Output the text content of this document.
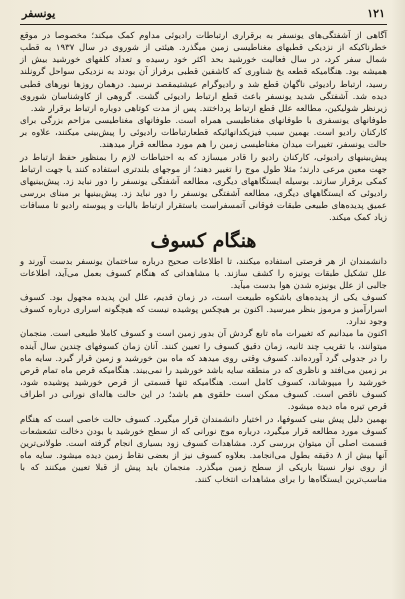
۱۲۱
یونسفر

آگاهی از آشفتگی‌های یونسفر به برقراری ارتباطات رادیوئی مداوم کمک میکند؛ مخصوصا در موقع خطرناکیکه از نزدیکی قطبهای مغناطیسی زمین میگذرد. هیئتی از شوروی در سال ۱۹۳۷ به قطب شمال سفر کرد، در سال فعالیت خورشید بحد اکثر خود رسیده و تعداد کلفهای خورشید بیش از همیشه بود. هنگامیکه قطعه یخ شناوری که کاشفین قطبی برفراز آن بودند به نزدیکی سواحل گرونلند رسید، ارتباط رادیوئی ناگهان قطع شد و رادیوگرام عیشتیمقصد نرسید. درهمان روزها نورهای قطبی دیده شد. آشفتگی شدید یونسفر باعث قطع ارتباط رادیوئی گشت. گروهی از کاوشناسان شوروی زیرنظر شولیکین، مطالعه علل قطع ارتباط پرداختند. پس از مدت کوتاهی دوباره ارتباط برقرار شد.

طوفانهای یونسفری با طوفانهای مغناطیسی همراه است. طوفانهای مغناطیسی مزاحم بزرگی برای کارکنان رادیو است. بهمین سبب فیزیکدانهائیکه قطعارتباطات رادیوئی را پیش‌بینی میکنند، علاوه بر حالت یونسفر، تغییرات میدان مغناطیسی زمین را هم مورد مطالعه قرار میدهند.

پیش‌بینیهای رادیوئی، کارکنان رادیو را قادر میسازد که به احتیاطات لازم را بمنظور حفظ ارتباط در جهت معین مرعی دارند؛ مثلا طول موج را تغییر دهند؛ از موجهای بلندتری استفاده کنند یا جهت ارتباط کمکی برقرار سازند. بوسیله ایستگاههای دیگری، مطالعه آشفتگی یونسفر را دور نباید زد. پیش‌بینیهای رادیوئی که ایستگاههای دیگری، مطالعه آشفتگی یونسفر را دور نباید زد. پیش‌بینیها بر مبنای بررسی عمیق پدیده‌های طبیعی طبقات فوقانی آتمسفراست باستقرار ارتباط بالیات و پیوسته رادیو تا مسافات زیاد کمک میکند.

هنگام کسوف

دانشمندان از هر فرصتی استفاده میکنند، تا اطلاعات صحیح درباره ساختمان یونسفر بدست آورند و علل تشکیل طبقات یونیزه را کشف سازند. با مشاهداتی که هنگام کسوف بعمل می‌آید، اطلاعات جالبی از علل یونیزه شدن هوا بدست میآید.

کسوف یکی از پدیده‌های باشکوه طبیعت است، در زمان قدیم، علل این پدیده مجهول بود. کسوف اسرارآمیز و مرموز بنظر میرسید. اکنون بر هیچکس پوشیده نیست که هیچگونه اسراری درباره کسوف وجود ندارد.

اکنون ما میدانیم که تغییرات ماه تابع گردش آن بدور زمین است و کسوف کاملا طبیعی است. منجمان میتوانند، با تقریب چند ثانیه، زمان دقیق کسوف را تعیین کنند. آنان زمان کسوفهای چندین سال آینده را در جدولی گرد آورده‌اند. کسوف وقتی روی میدهد که ماه بین خورشید و زمین قرار گیرد. سایه ماه بر زمین می‌افتد و ناظری که در منطقه سایه باشد خورشید را نمی‌بیند. هنگامیکه قرص ماه تمام قرص خورشید را میپوشاند، کسوف کامل است. هنگامیکه تنها قسمتی از قرص خورشید پوشیده شود، کسوف ناقص است. کسوف ممکن است حلقوی هم باشد؛ در این حالت هاله‌ای نورانی در اطراف قرص تیره ماه دیده میشود.

بهمین دلیل پیش بینی کسوفها، در اختیار دانشمندان قرار میگیرد. کسوف حالت خاصی است که هنگام کسوف مورد مطالعه قرار میگیرد، درباره موج نورانی که از سطح خورشید با بودن دخالت تشعشعات قسمت اصلی آن میتوان بررسی کرد. مشاهدات کسوف زود بسیاری انجام گرفته است. طولانی‌ترین آنها بیش از ۸ دقیقه بطول می‌انجامد. بعلاوه کسوف نیز از بعضی نقاط زمین دیده میشود. سایه ماه از روی نوار نسبتا باریکی از سطح زمین میگذرد. منجمان باید پیش از قبلا تعیین میکنند که با مناسب‌ترین ایستگاه‌ها را برای مشاهدات انتخاب کنند.
